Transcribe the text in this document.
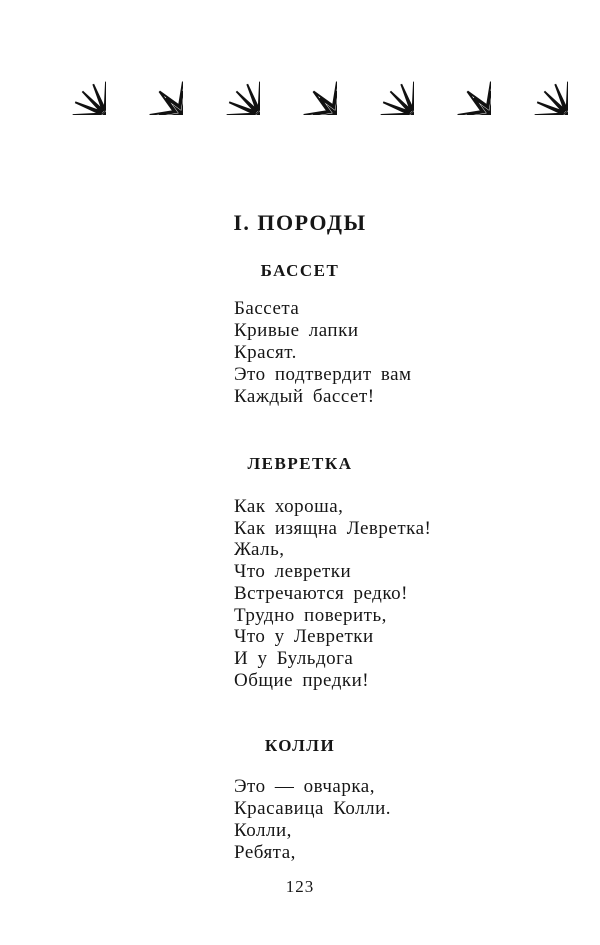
I. ПОРОДЫ
БАССЕТ
Бассета
Кривые лапки
Красят.
Это подтвердит вам
Каждый бассет!
ЛЕВРЕТКА
Как хороша,
Как изящна Левретка!
Жаль,
Что левретки
Встречаются редко!
Трудно поверить,
Что у Левретки
И у Бульдога
Общие предки!
КОЛЛИ
Это — овчарка,
Красавица Колли.
Колли,
Ребята,
123
